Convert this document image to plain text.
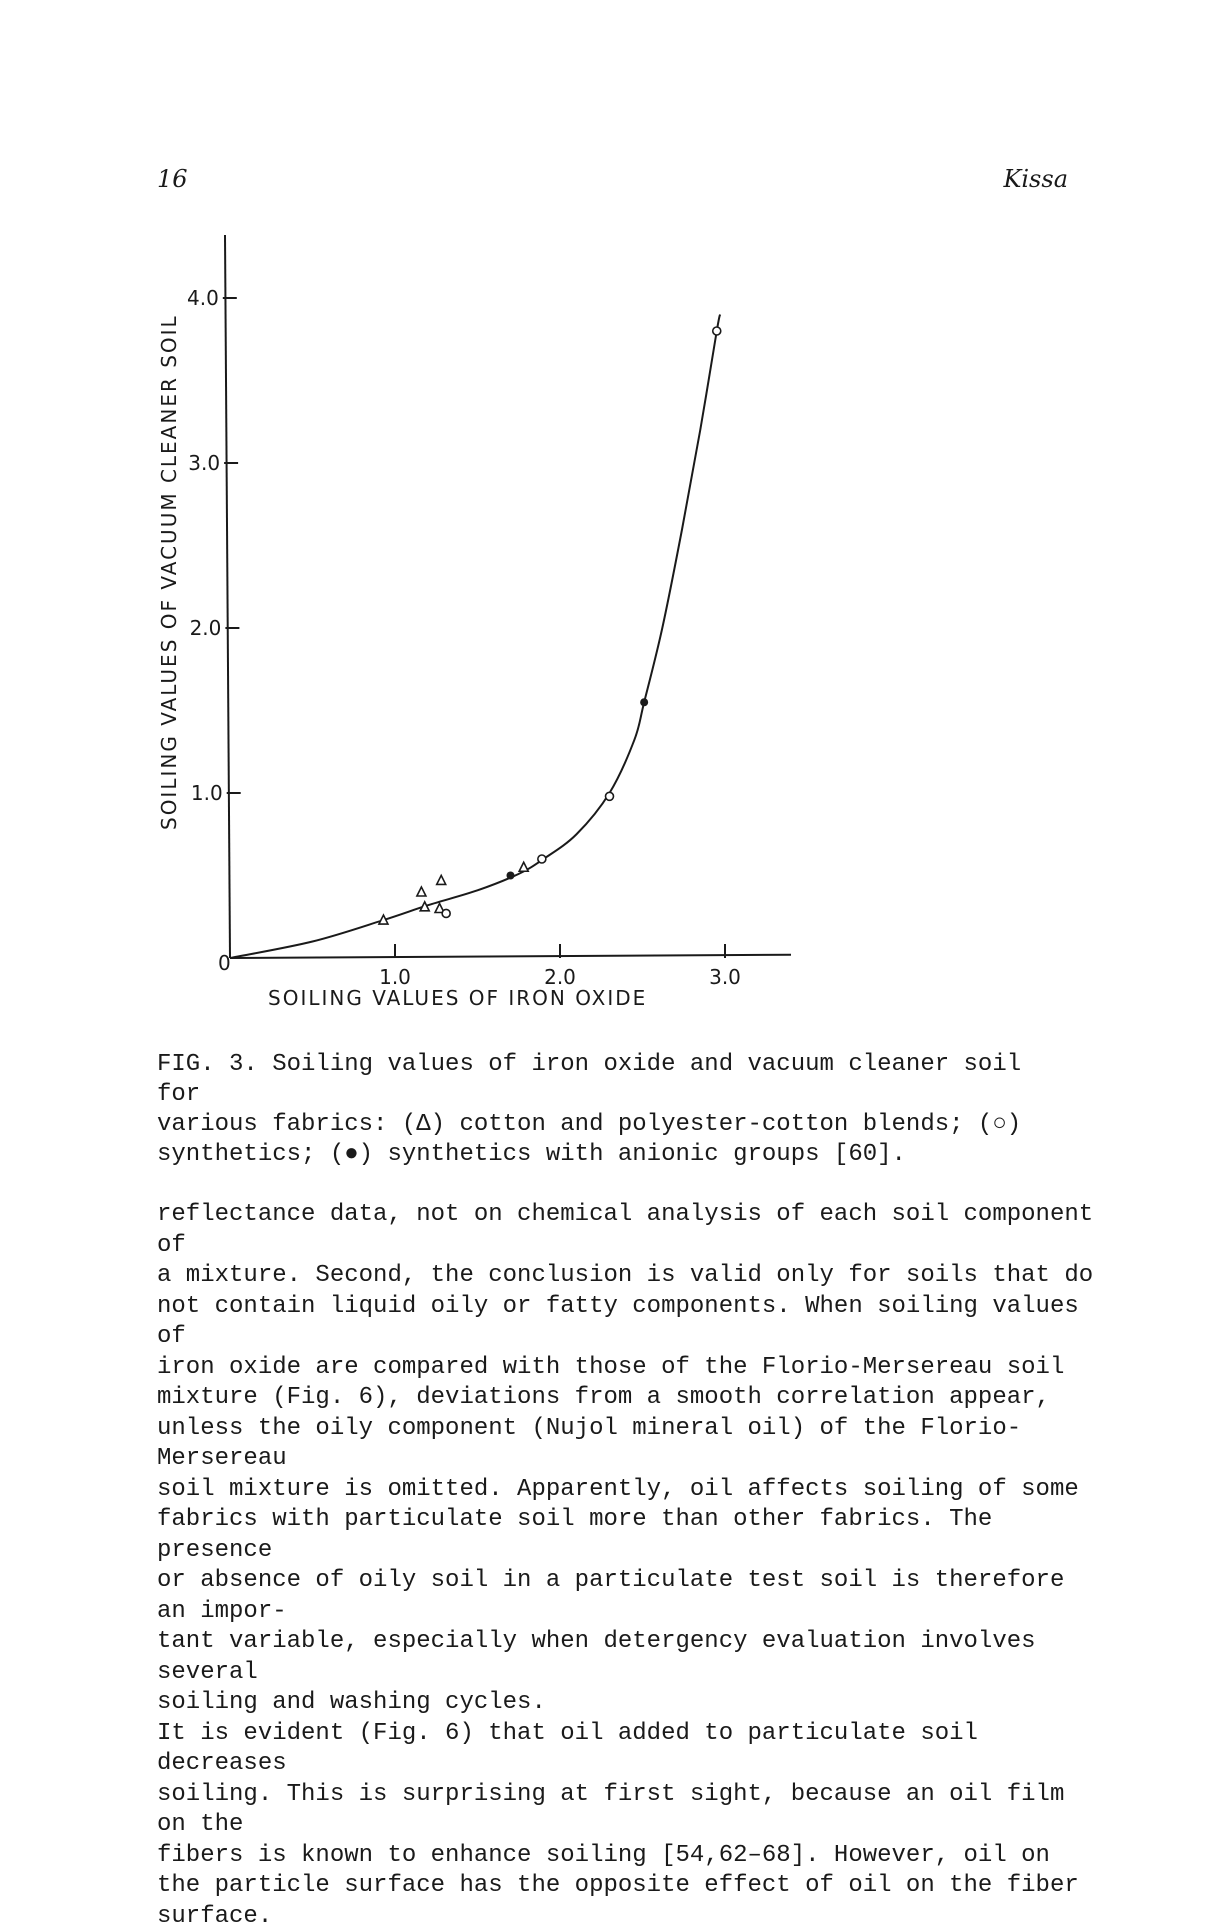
16	Kissa
1.0	2.0	3.0
1.0
2.0
3.0
4.0
0
SOILING VALUES OF IRON OXIDE
SOILING VALUES OF VACUUM CLEANER SOIL
FIG. 3. Soiling values of iron oxide and vacuum cleaner soil for
various fabrics: (Δ) cotton and polyester-cotton blends; (○)
synthetics; (●) synthetics with anionic groups [60].

reflectance data, not on chemical analysis of each soil component of
a mixture. Second, the conclusion is valid only for soils that do
not contain liquid oily or fatty components. When soiling values of
iron oxide are compared with those of the Florio-Mersereau soil
mixture (Fig. 6), deviations from a smooth correlation appear,
unless the oily component (Nujol mineral oil) of the Florio-Mersereau
soil mixture is omitted. Apparently, oil affects soiling of some
fabrics with particulate soil more than other fabrics. The presence
or absence of oily soil in a particulate test soil is therefore an impor-
tant variable, especially when detergency evaluation involves several
soiling and washing cycles.

It is evident (Fig. 6) that oil added to particulate soil decreases
soiling. This is surprising at first sight, because an oil film on the
fibers is known to enhance soiling [54,62–68]. However, oil on
the particle surface has the opposite effect of oil on the fiber surface.
